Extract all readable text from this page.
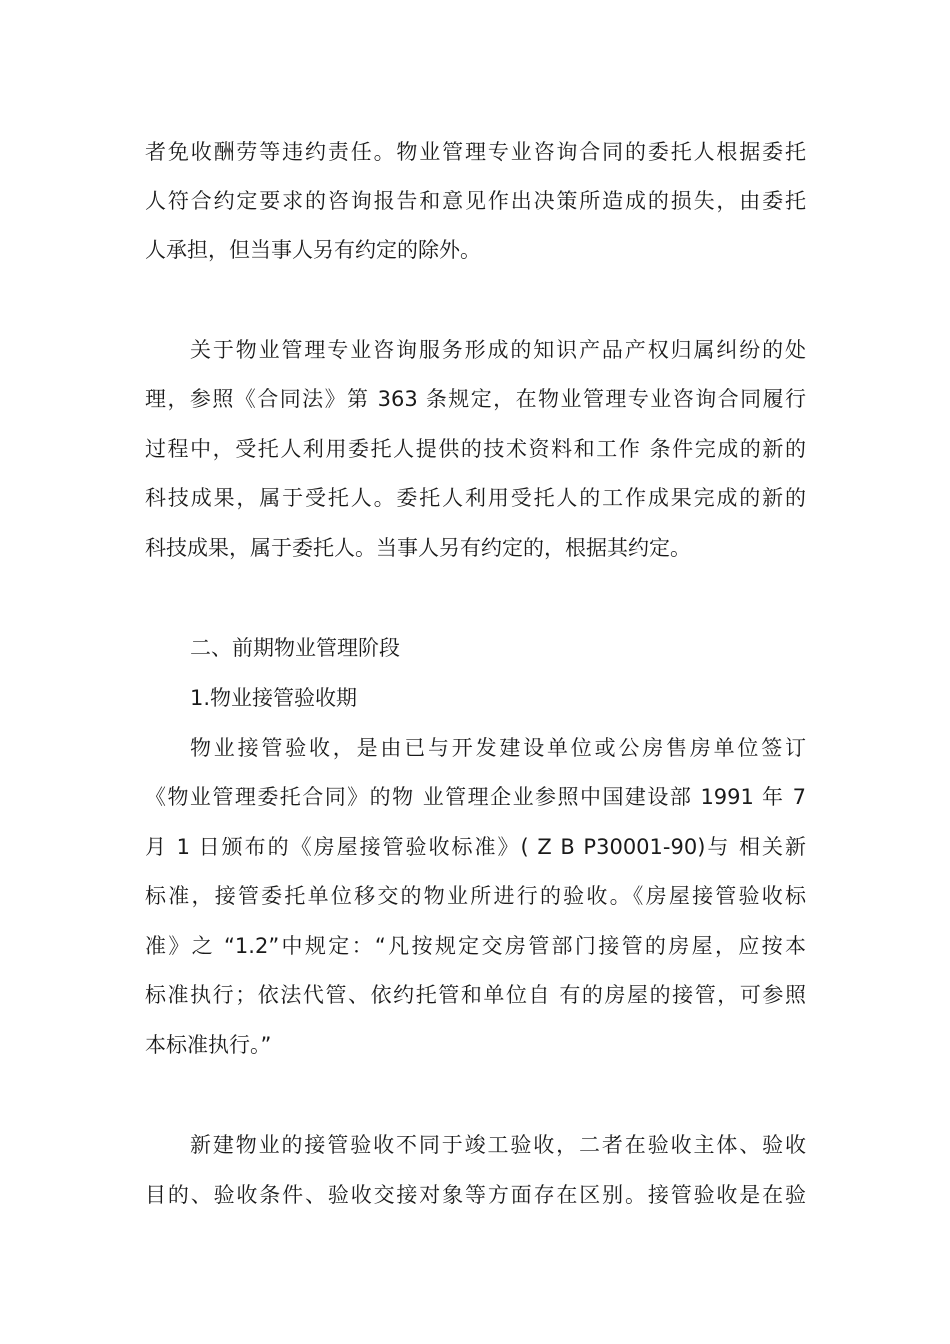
者免收酬劳等违约责任。物业管理专业咨询合同的委托人根据委托
人符合约定要求的咨询报告和意见作出决策所造成的损失，由委托
人承担，但当事人另有约定的除外。
关于物业管理专业咨询服务形成的知识产品产权归属纠纷的处
理，参照《合同法》第 363 条规定，在物业管理专业咨询合同履行
过程中，受托人利用委托人提供的技术资料和工作 条件完成的新的
科技成果，属于受托人。委托人利用受托人的工作成果完成的新的
科技成果，属于委托人。当事人另有约定的，根据其约定。
二、前期物业管理阶段
1.物业接管验收期
物业接管验收，是由已与开发建设单位或公房售房单位签订
《物业管理委托合同》的物 业管理企业参照中国建设部 1991 年 7
月 1 日颁布的《房屋接管验收标准》( Z B P30001-90)与 相关新
标准，接管委托单位移交的物业所进行的验收。《房屋接管验收标
准》之 “1.2”中规定：“凡按规定交房管部门接管的房屋，应按本
标准执行；依法代管、依约托管和单位自 有的房屋的接管，可参照
本标准执行。”
新建物业的接管验收不同于竣工验收，二者在验收主体、验收
目的、验收条件、验收交接对象等方面存在区别。接管验收是在验
